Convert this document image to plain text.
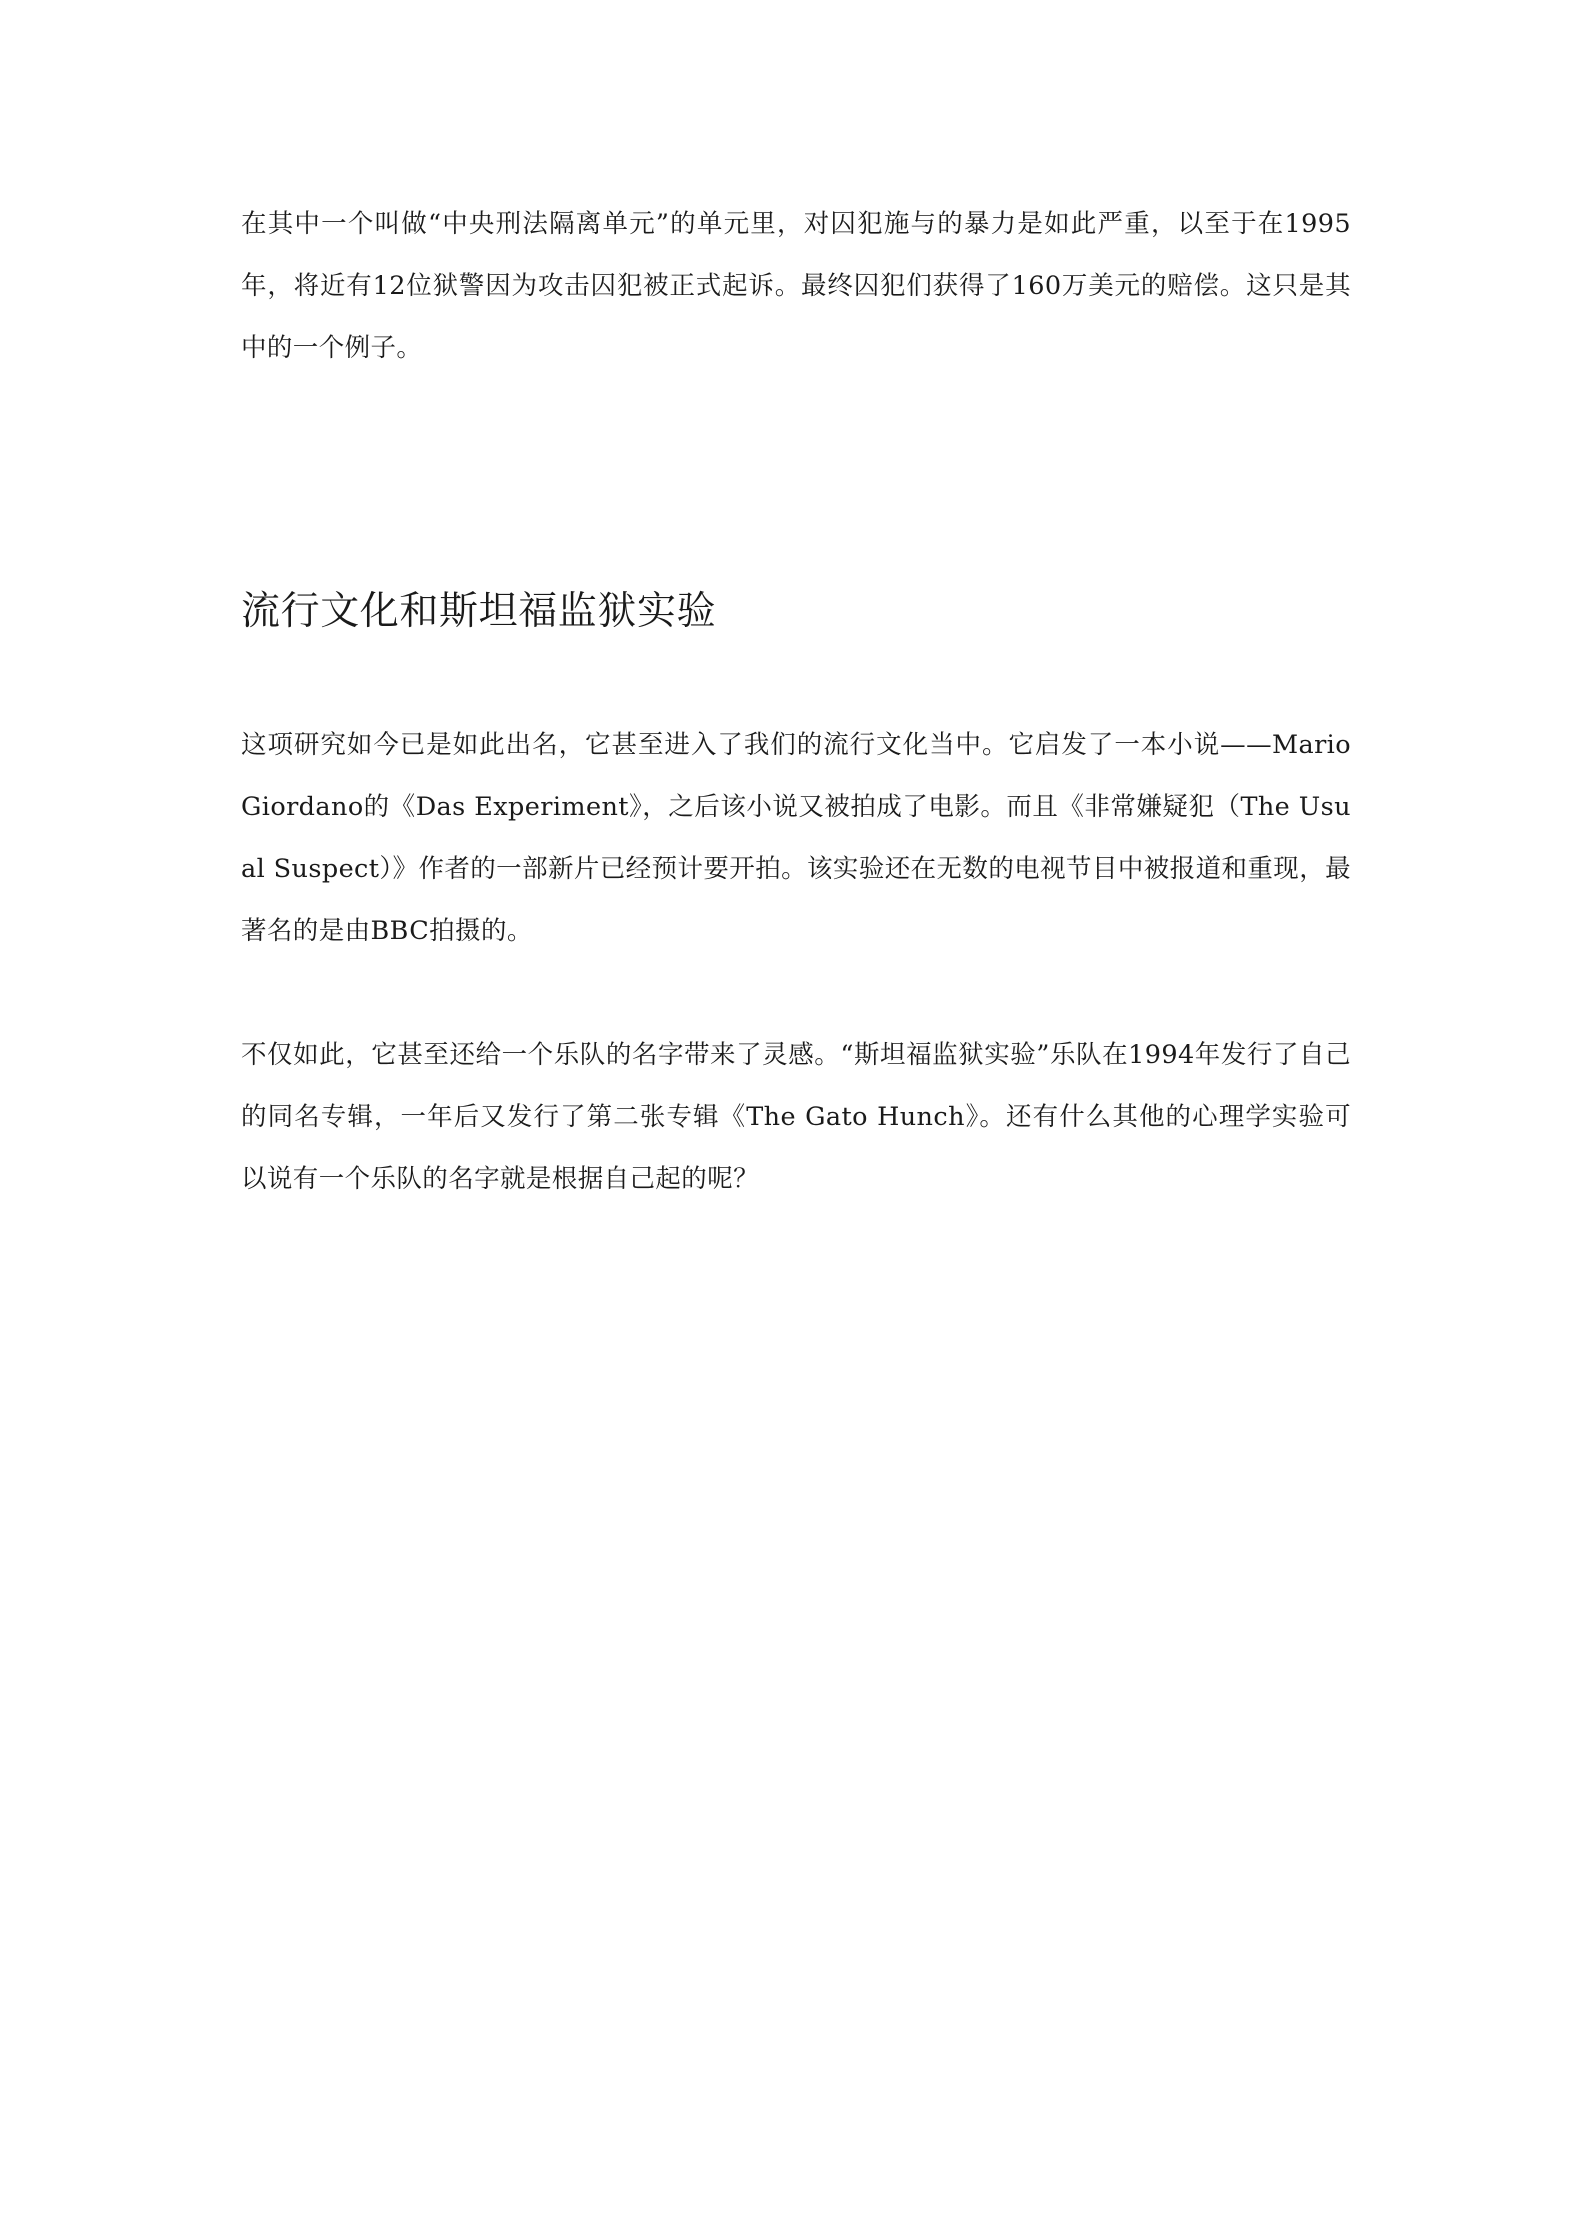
在其中一个叫做“中央刑法隔离单元”的单元里，对囚犯施与的暴力是如此严重，以至于在1995年，将近有12位狱警因为攻击囚犯被正式起诉。最终囚犯们获得了160万美元的赔偿。这只是其中的一个例子。

流行文化和斯坦福监狱实验

这项研究如今已是如此出名，它甚至进入了我们的流行文化当中。它启发了一本小说——Mario Giordano的《Das Experiment》，之后该小说又被拍成了电影。而且《非常嫌疑犯（The Usual Suspect）》作者的一部新片已经预计要开拍。该实验还在无数的电视节目中被报道和重现，最著名的是由BBC拍摄的。

不仅如此，它甚至还给一个乐队的名字带来了灵感。“斯坦福监狱实验”乐队在1994年发行了自己的同名专辑，一年后又发行了第二张专辑《The Gato Hunch》。还有什么其他的心理学实验可以说有一个乐队的名字就是根据自己起的呢？
